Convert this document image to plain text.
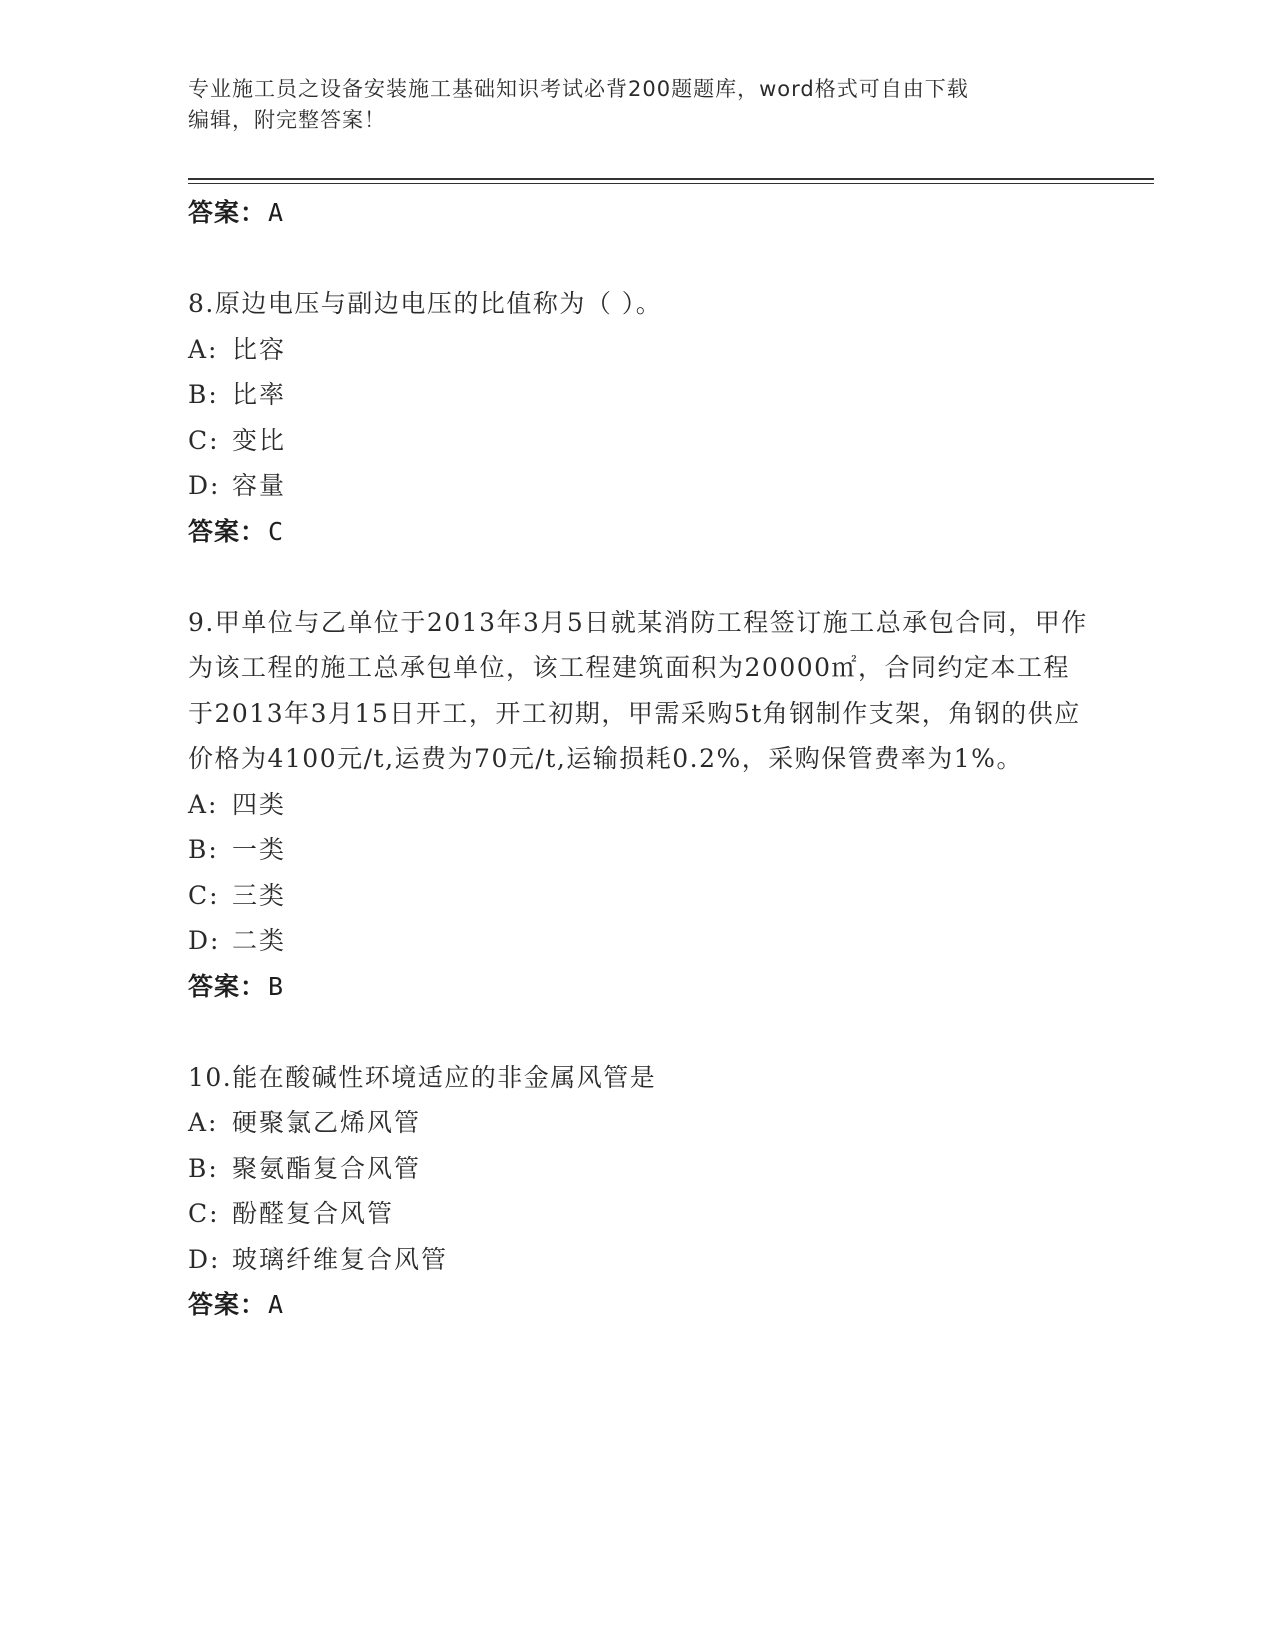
专业施工员之设备安装施工基础知识考试必背200题题库，word格式可自由下载
编辑，附完整答案！
答案：A

8.原边电压与副边电压的比值称为（ ）。

A: 比容
B: 比率
C: 变比
D: 容量
答案：C

9.甲单位与乙单位于2013年3月5日就某消防工程签订施工总承包合同，甲作为该工程的施工总承包单位，该工程建筑面积为20000㎡，合同约定本工程于2013年3月15日开工，开工初期，甲需采购5t角钢制作支架，角钢的供应价格为4100元/t,运费为70元/t,运输损耗0.2%，采购保管费率为1%。

A: 四类
B: 一类
C: 三类
D: 二类
答案：B

10.能在酸碱性环境适应的非金属风管是

A: 硬聚氯乙烯风管
B: 聚氨酯复合风管
C: 酚醛复合风管
D: 玻璃纤维复合风管
答案：A
